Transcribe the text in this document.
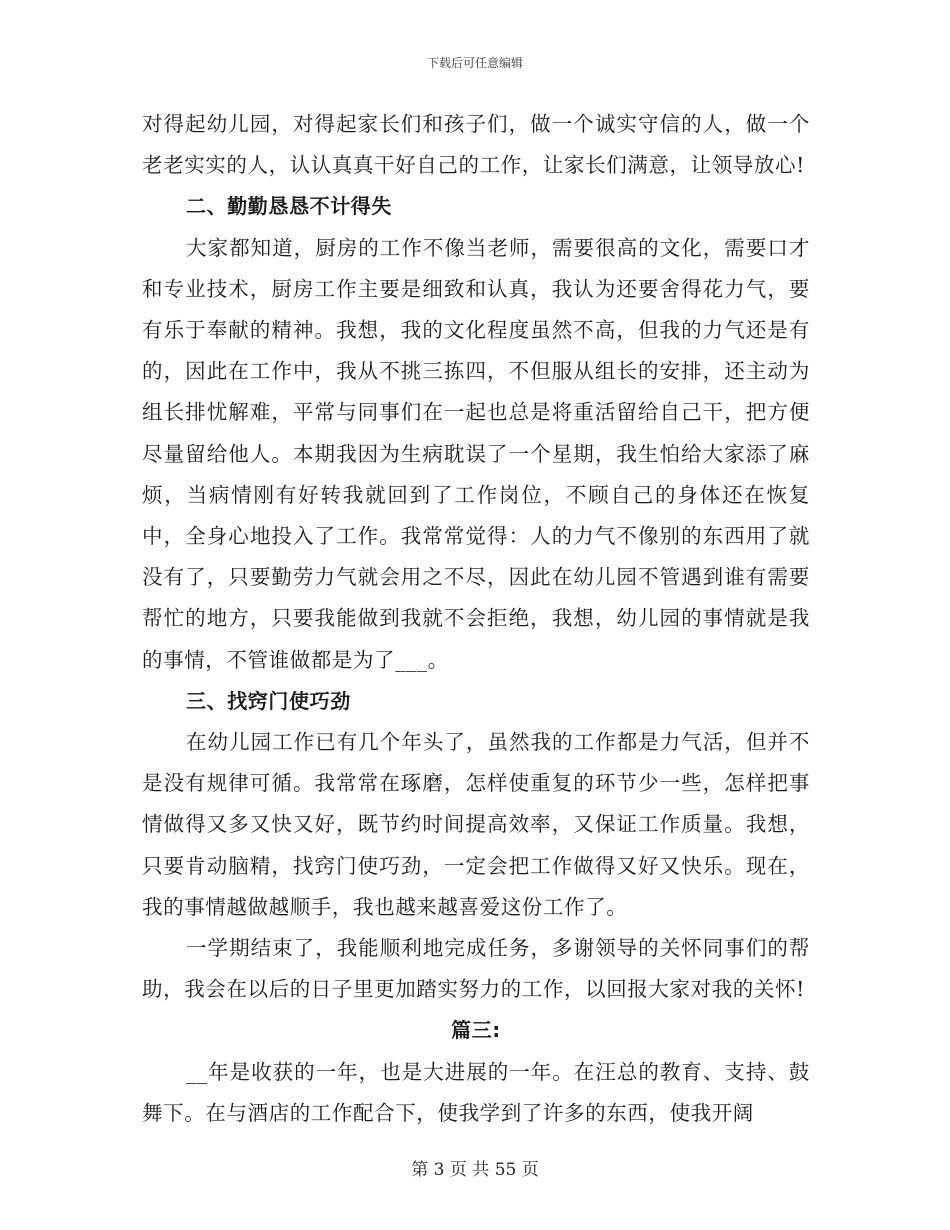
下载后可任意编辑

对得起幼儿园，对得起家长们和孩子们，做一个诚实守信的人，做一个老老实实的人，认认真真干好自己的工作，让家长们满意，让领导放心!

二、勤勤恳恳不计得失

大家都知道，厨房的工作不像当老师，需要很高的文化，需要口才和专业技术，厨房工作主要是细致和认真，我认为还要舍得花力气，要有乐于奉献的精神。我想，我的文化程度虽然不高，但我的力气还是有的，因此在工作中，我从不挑三拣四，不但服从组长的安排，还主动为组长排忧解难，平常与同事们在一起也总是将重活留给自己干，把方便尽量留给他人。本期我因为生病耽误了一个星期，我生怕给大家添了麻烦，当病情刚有好转我就回到了工作岗位，不顾自己的身体还在恢复中，全身心地投入了工作。我常常觉得：人的力气不像别的东西用了就没有了，只要勤劳力气就会用之不尽，因此在幼儿园不管遇到谁有需要帮忙的地方，只要我能做到我就不会拒绝，我想，幼儿园的事情就是我的事情，不管谁做都是为了___。

三、找窍门使巧劲

在幼儿园工作已有几个年头了，虽然我的工作都是力气活，但并不是没有规律可循。我常常在琢磨，怎样使重复的环节少一些，怎样把事情做得又多又快又好，既节约时间提高效率，又保证工作质量。我想，只要肯动脑精，找窍门使巧劲，一定会把工作做得又好又快乐。现在，我的事情越做越顺手，我也越来越喜爱这份工作了。

一学期结束了，我能顺利地完成任务，多谢领导的关怀同事们的帮助，我会在以后的日子里更加踏实努力的工作，以回报大家对我的关怀!

篇三:

__年是收获的一年，也是大进展的一年。在汪总的教育、支持、鼓舞下。在与酒店的工作配合下，使我学到了许多的东西，使我开阔

第 3 页 共 55 页
